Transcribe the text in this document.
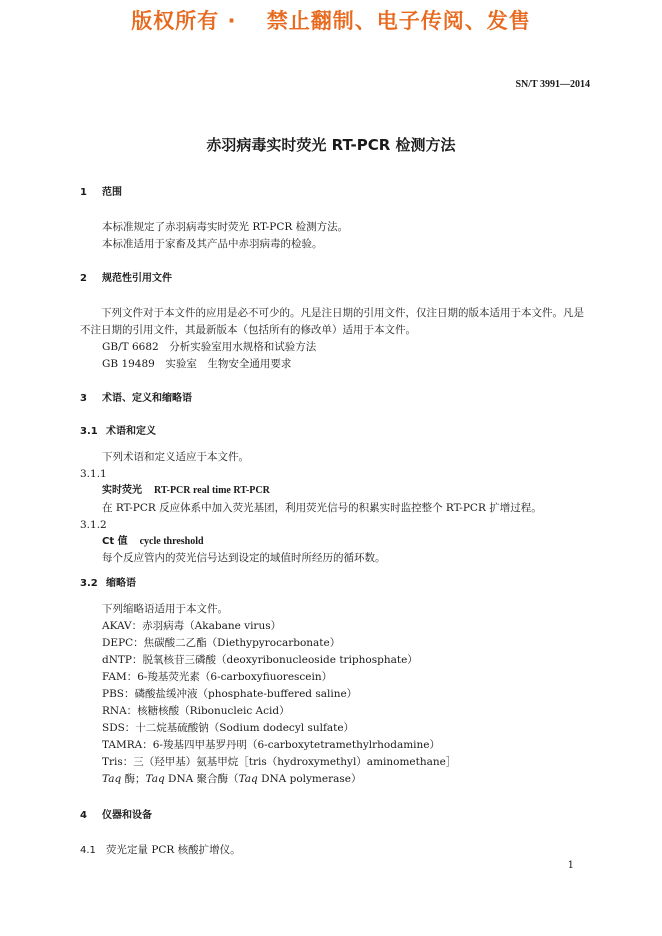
版权所有 ·　 禁止翻制、电子传阅、发售
SN/T 3991—2014
赤羽病毒实时荧光 RT-PCR 检测方法
1 范围
本标准规定了赤羽病毒实时荧光 RT-PCR 检测方法。
本标准适用于家畜及其产品中赤羽病毒的检验。
2 规范性引用文件
下列文件对于本文件的应用是必不可少的。凡是注日期的引用文件，仅注日期的版本适用于本文件。凡是不注日期的引用文件，其最新版本（包括所有的修改单）适用于本文件。
GB/T 6682　分析实验室用水规格和试验方法
GB 19489　实验室　生物安全通用要求
3 术语、定义和缩略语
3.1 术语和定义
下列术语和定义适应于本文件。
3.1.1
实时荧光 RT-PCR real time RT-PCR
在 RT-PCR 反应体系中加入荧光基团，利用荧光信号的积累实时监控整个 RT-PCR 扩增过程。
3.1.2
Ct 值 cycle threshold
每个反应管内的荧光信号达到设定的域值时所经历的循环数。
3.2 缩略语
下列缩略语适用于本文件。
AKAV：赤羽病毒（Akabane virus）
DEPC：焦碳酸二乙酯（Diethypyrocarbonate）
dNTP：脱氧核苷三磷酸（deoxyribonucleoside triphosphate）
FAM：6-羧基荧光素（6-carboxyfiuorescein）
PBS：磷酸盐缓冲液（phosphate-buffered saline）
RNA：核糖核酸（Ribonucleic Acid）
SDS：十二烷基硫酸钠（Sodium dodecyl sulfate）
TAMRA：6-羧基四甲基罗丹明（6-carboxytetramethylrhodamine）
Tris：三（羟甲基）氨基甲烷［tris（hydroxymethyl）aminomethane］
Taq 酶；Taq DNA 聚合酶（Taq DNA polymerase）
4 仪器和设备
4.1 荧光定量 PCR 核酸扩增仪。
1
